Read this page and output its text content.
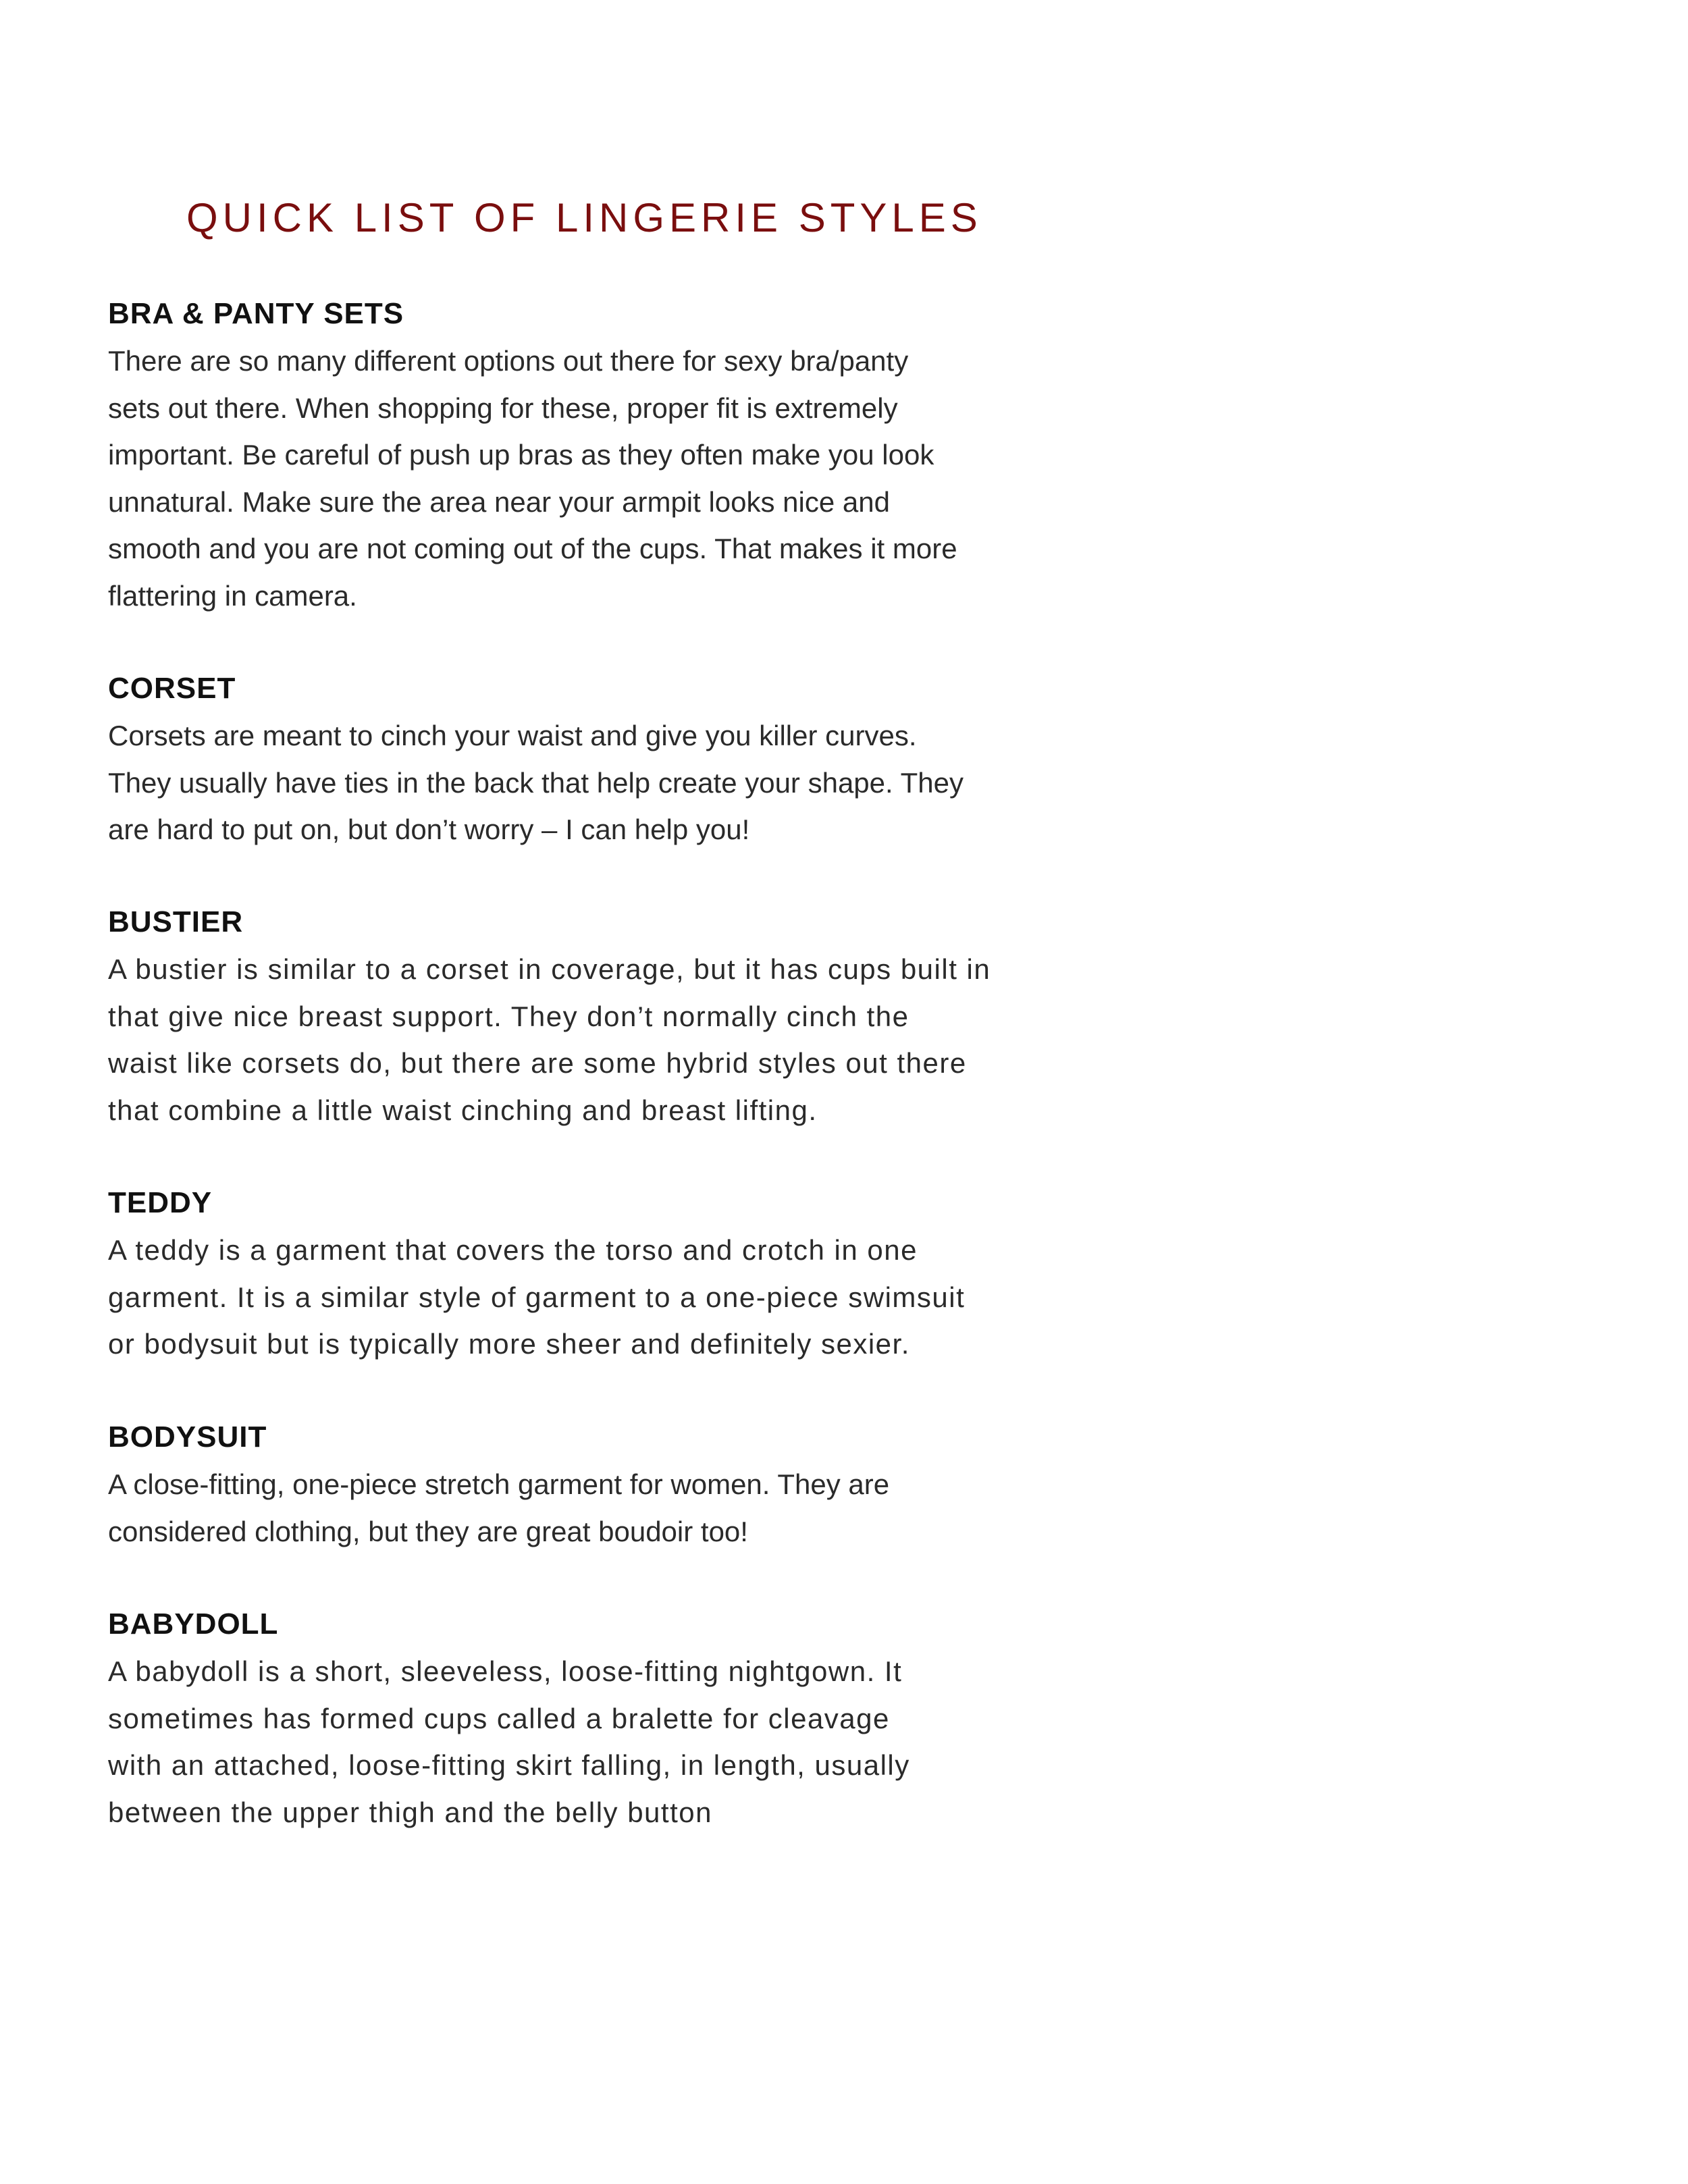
QUICK LIST OF LINGERIE STYLES
BRA & PANTY SETS

There are so many different options out there for sexy bra/panty
sets out there. When shopping for these, proper fit is extremely
important. Be careful of push up bras as they often make you look
unnatural. Make sure the area near your armpit looks nice and
smooth and you are not coming out of the cups. That makes it more
flattering in camera.

CORSET

Corsets are meant to cinch your waist and give you killer curves.
They usually have ties in the back that help create your shape. They
are hard to put on, but don’t worry – I can help you!

BUSTIER

A bustier is similar to a corset in coverage, but it has cups built in
that give nice breast support. They don’t normally cinch the
waist like corsets do, but there are some hybrid styles out there
that combine a little waist cinching and breast lifting.

TEDDY

A teddy is a garment that covers the torso and crotch in one
garment. It is a similar style of garment to a one-piece swimsuit
or bodysuit but is typically more sheer and definitely sexier.

BODYSUIT

A close-fitting, one-piece stretch garment for women. They are
considered clothing, but they are great boudoir too!

BABYDOLL

A babydoll is a short, sleeveless, loose-fitting nightgown. It
sometimes has formed cups called a bralette for cleavage
with an attached, loose-fitting skirt falling, in length, usually
between the upper thigh and the belly button
